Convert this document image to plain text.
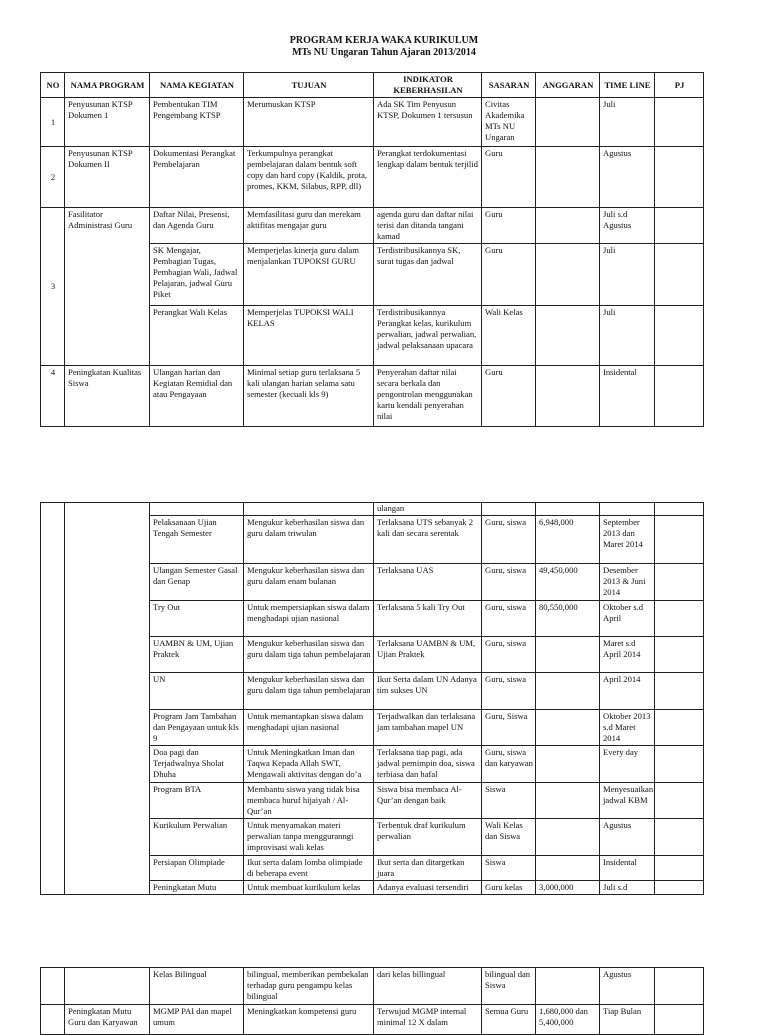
PROGRAM KERJA WAKA KURIKULUM
MTs NU Ungaran Tahun Ajaran 2013/2014
NO	NAMA PROGRAM	NAMA KEGIATAN	TUJUAN	INDIKATOR KEBERHASILAN	SASARAN	ANGGARAN	TIME LINE	PJ
1	Penyusunan KTSP Dokumen 1	Pembentukan TIM Pengembang KTSP	Merumuskan KTSP	Ada SK Tim Penyusun KTSP, Dokumen 1 tersusun	Civitas Akademika MTs NU Ungaran		Juli	
2	Penyusunan KTSP Dokumen II	Dokumentasi Perangkat Pembelajaran	Terkumpulnya perangkat pembelajaran dalam bentuk soft copy dan hard copy (Kaldik, prota, promes, KKM, Silabus, RPP, dll)	Perangkat terdokumentasi lengkap dalam bentuk terjilid	Guru		Agustus	
3	Fasilitator Administrasi Guru	Daftar Nilai, Presensi, dan Agenda Guru	Memfasilitasi guru dan merekam aktifitas mengajar guru	agenda guru dan daftar nilai terisi dan ditanda tangani kamad	Guru		Juli s.d Agustus	
		SK Mengajar, Pembagian Tugas, Pembagian Wali, Jadwal Pelajaran, jadwal Guru Piket	Memperjelas kinerja guru dalam menjalankan TUPOKSI GURU	Terdistribusikannya SK, surat tugas dan jadwal	Guru		Juli	
		Perangkat Wali Kelas	Memperjelas TUPOKSI WALI KELAS	Terdistribusikannya Perangkat kelas, kurikulum perwalian, jadwal perwalian, jadwal pelaksanaan upacara	Wali Kelas		Juli	
4	Peningkatan Kualitas Siswa	Ulangan harian dan Kegiatan Remidial dan atau Pengayaan	Minimal setiap guru terlaksana 5 kali ulangan harian selama satu semester (kecuali kls 9)	Penyerahan daftar nilai secara berkala dan pengontrolan menggunakan kartu kendali penyerahan nilai	Guru		Insidental	
				ulangan				
		Pelaksanaan Ujian Tengah Semester	Mengukur keberhasilan siswa dan guru dalam triwulan	Terlaksana UTS sebanyak 2 kali dan secara serentak	Guru, siswa	6,948,000	September 2013 dan Maret 2014	
		Ulangan Semester Gasal dan Genap	Mengukur keberhasilan siswa dan guru dalam enam bulanan	Terlaksana UAS	Guru, siswa	49,450,000	Desember 2013 & Juni 2014	
		Try Out	Untuk mempersiapkan siswa dalam menghadapi ujian nasional	Terlaksana 5 kali Try Out	Guru, siswa	80,550,000	Oktober s.d April	
		UAMBN & UM, Ujian Praktek	Mengukur keberhasilan siswa dan guru dalam tiga tahun pembelajaran	Terlaksana UAMBN & UM, Ujian Praktek	Guru, siswa		Maret s.d April 2014	
		UN	Mengukur keberhasilan siswa dan guru dalam tiga tahun pembelajaran	Ikut Serta dalam UN Adanya tim sukses UN	Guru, siswa		April 2014	
		Program Jam Tambahan dan Pengayaan untuk kls 9	Untuk memantapkan siswa dalam menghadapi ujian nasional	Terjadwalkan dan terlaksana jam tambahan mapel UN	Guru, Siswa		Oktober 2013 s.d Maret 2014	
		Doa pagi dan Terjadwalnya Sholat Dhuha	Untuk Meningkatkan Iman dan Taqwa Kepada Allah SWT, Mengawali aktivitas dengan do’a	Terlaksana tiap pagi, ada jadwal pemimpin doa, siswa terbiasa dan hafal	Guru, siswa dan karyawan		Every day	
		Program BTA	Membantu siswa yang tidak bisa membaca huruf hijaiyah / Al-Qur’an	Siswa bisa membaca Al-Qur’an dengan baik	Siswa		Menyesuaikan jadwal KBM	
		Kurikulum Perwalian	Untuk menyamakan materi perwalian tanpa mengguranngi improvisasi wali kelas	Terbentuk draf kurikulum perwalian	Wali Kelas dan Siswa		Agustus	
		Persiapan Olimpiade	Ikut serta dalam lomba olimpiade di beberapa event	Ikut serta dan ditargetkan juara	Siswa		Insidental	
		Peningkatan Mutu	Untuk membuat kurikulum kelas	Adanya evaluasi tersendiri	Guru kelas	3,000,000	Juli s.d	
		Kelas Bilingual	bilingual, memberikan pembekalan terhadap guru pengampu kelas bilingual	dari kelas billingual	bilingual dan Siswa		Agustus	
	Peningkatan Mutu Guru dan Karyawan	MGMP PAI dan mapel umum	Meningkatkan kompetensi guru	Terwujud MGMP internal minimal 12 X dalam	Semua Guru	1,680,000 dan 5,400,000	Tiap Bulan	
